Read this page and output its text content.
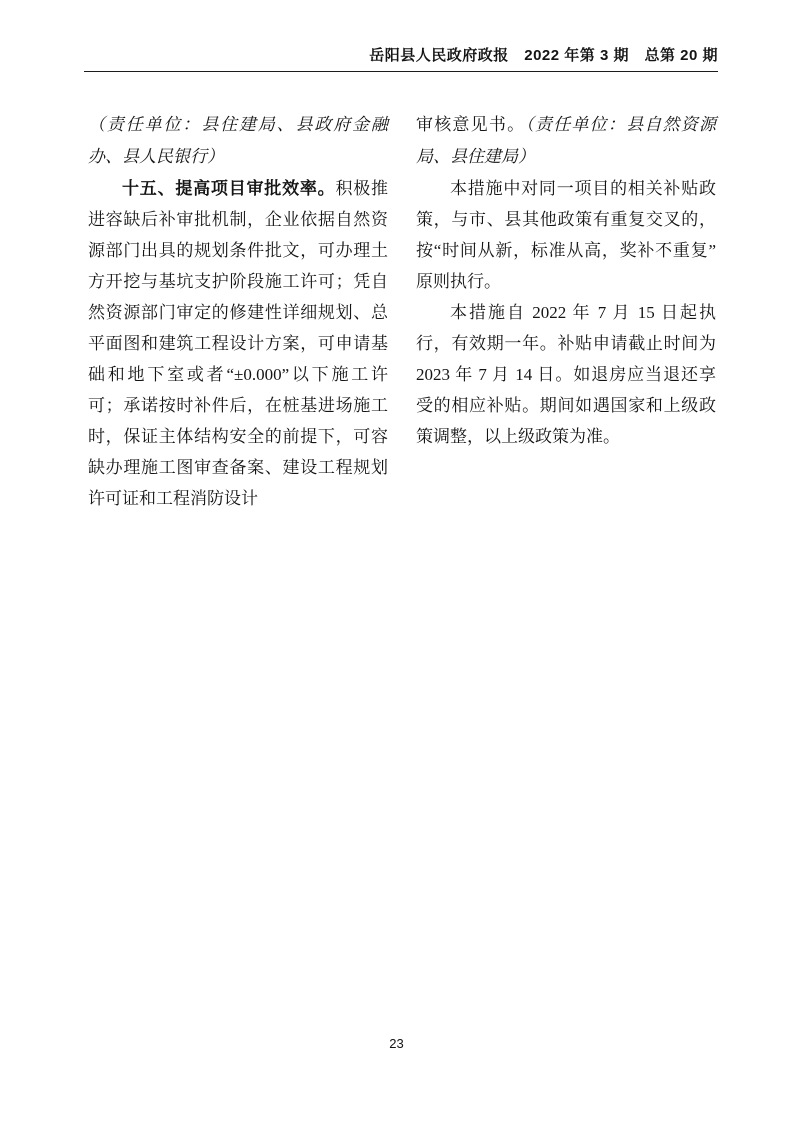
岳阳县人民政府政报　2022 年第 3 期　总第 20 期

（责任单位：县住建局、县政府金融办、县人民银行）

十五、提高项目审批效率。积极推进容缺后补审批机制，企业依据自然资源部门出具的规划条件批文，可办理土方开挖与基坑支护阶段施工许可；凭自然资源部门审定的修建性详细规划、总平面图和建筑工程设计方案，可申请基础和地下室或者“±0.000”以下施工许可；承诺按时补件后，在桩基进场施工时，保证主体结构安全的前提下，可容缺办理施工图审查备案、建设工程规划许可证和工程消防设计

审核意见书。（责任单位：县自然资源局、县住建局）

本措施中对同一项目的相关补贴政策，与市、县其他政策有重复交叉的，按“时间从新，标准从高，奖补不重复”原则执行。

本措施自 2022 年 7 月 15 日起执行，有效期一年。补贴申请截止时间为 2023 年 7 月 14 日。如退房应当退还享受的相应补贴。期间如遇国家和上级政策调整，以上级政策为准。

23
